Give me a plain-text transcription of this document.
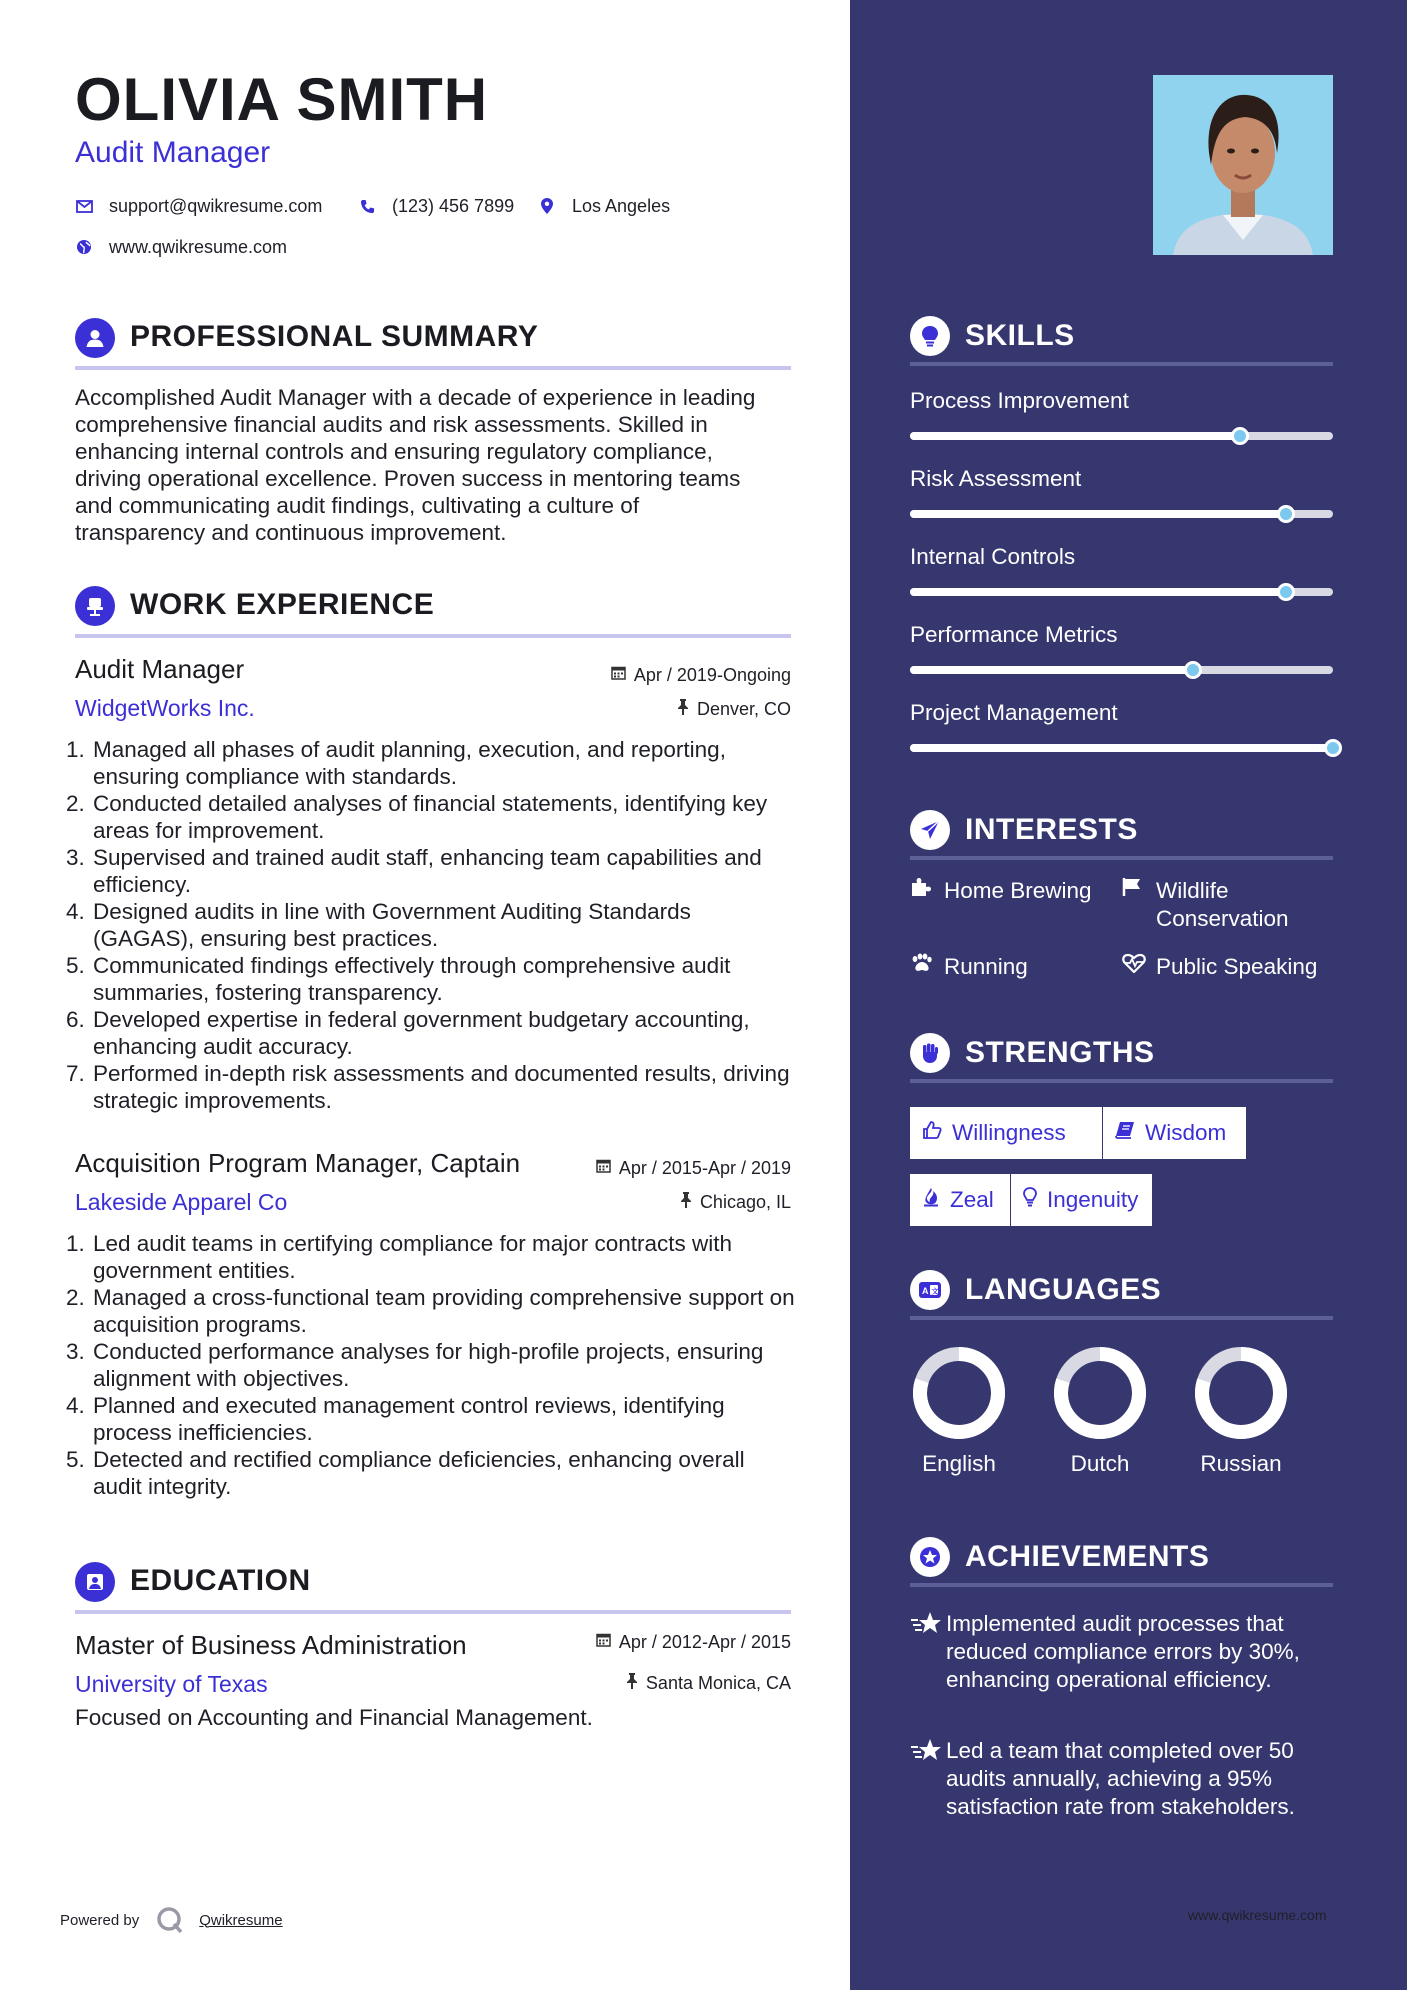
OLIVIA SMITH
Audit Manager
support@qwikresume.com	(123) 456 7899	Los Angeles
www.qwikresume.com
PROFESSIONAL SUMMARY
Accomplished Audit Manager with a decade of experience in leading comprehensive financial audits and risk assessments. Skilled in enhancing internal controls and ensuring regulatory compliance, driving operational excellence. Proven success in mentoring teams and communicating audit findings, cultivating a culture of transparency and continuous improvement.
WORK EXPERIENCE
Audit Manager	Apr / 2019-Ongoing
WidgetWorks Inc.	Denver, CO
1. Managed all phases of audit planning, execution, and reporting, ensuring compliance with standards.
2. Conducted detailed analyses of financial statements, identifying key areas for improvement.
3. Supervised and trained audit staff, enhancing team capabilities and efficiency.
4. Designed audits in line with Government Auditing Standards (GAGAS), ensuring best practices.
5. Communicated findings effectively through comprehensive audit summaries, fostering transparency.
6. Developed expertise in federal government budgetary accounting, enhancing audit accuracy.
7. Performed in-depth risk assessments and documented results, driving strategic improvements.
Acquisition Program Manager, Captain	Apr / 2015-Apr / 2019
Lakeside Apparel Co	Chicago, IL
1. Led audit teams in certifying compliance for major contracts with government entities.
2. Managed a cross-functional team providing comprehensive support on acquisition programs.
3. Conducted performance analyses for high-profile projects, ensuring alignment with objectives.
4. Planned and executed management control reviews, identifying process inefficiencies.
5. Detected and rectified compliance deficiencies, enhancing overall audit integrity.
EDUCATION
Master of Business Administration	Apr / 2012-Apr / 2015
University of Texas	Santa Monica, CA
Focused on Accounting and Financial Management.
Powered by	Qwikresume
SKILLS
Process Improvement
Risk Assessment
Internal Controls
Performance Metrics
Project Management
INTERESTS
Home Brewing	Wildlife Conservation
Running	Public Speaking
STRENGTHS
Willingness	Wisdom
Zeal Ingenuity
A 文 LANGUAGES
English	Dutch	Russian
ACHIEVEMENTS
Implemented audit processes that reduced compliance errors by 30%, enhancing operational efficiency.
Led a team that completed over 50 audits annually, achieving a 95% satisfaction rate from stakeholders.
www.qwikresume.com
